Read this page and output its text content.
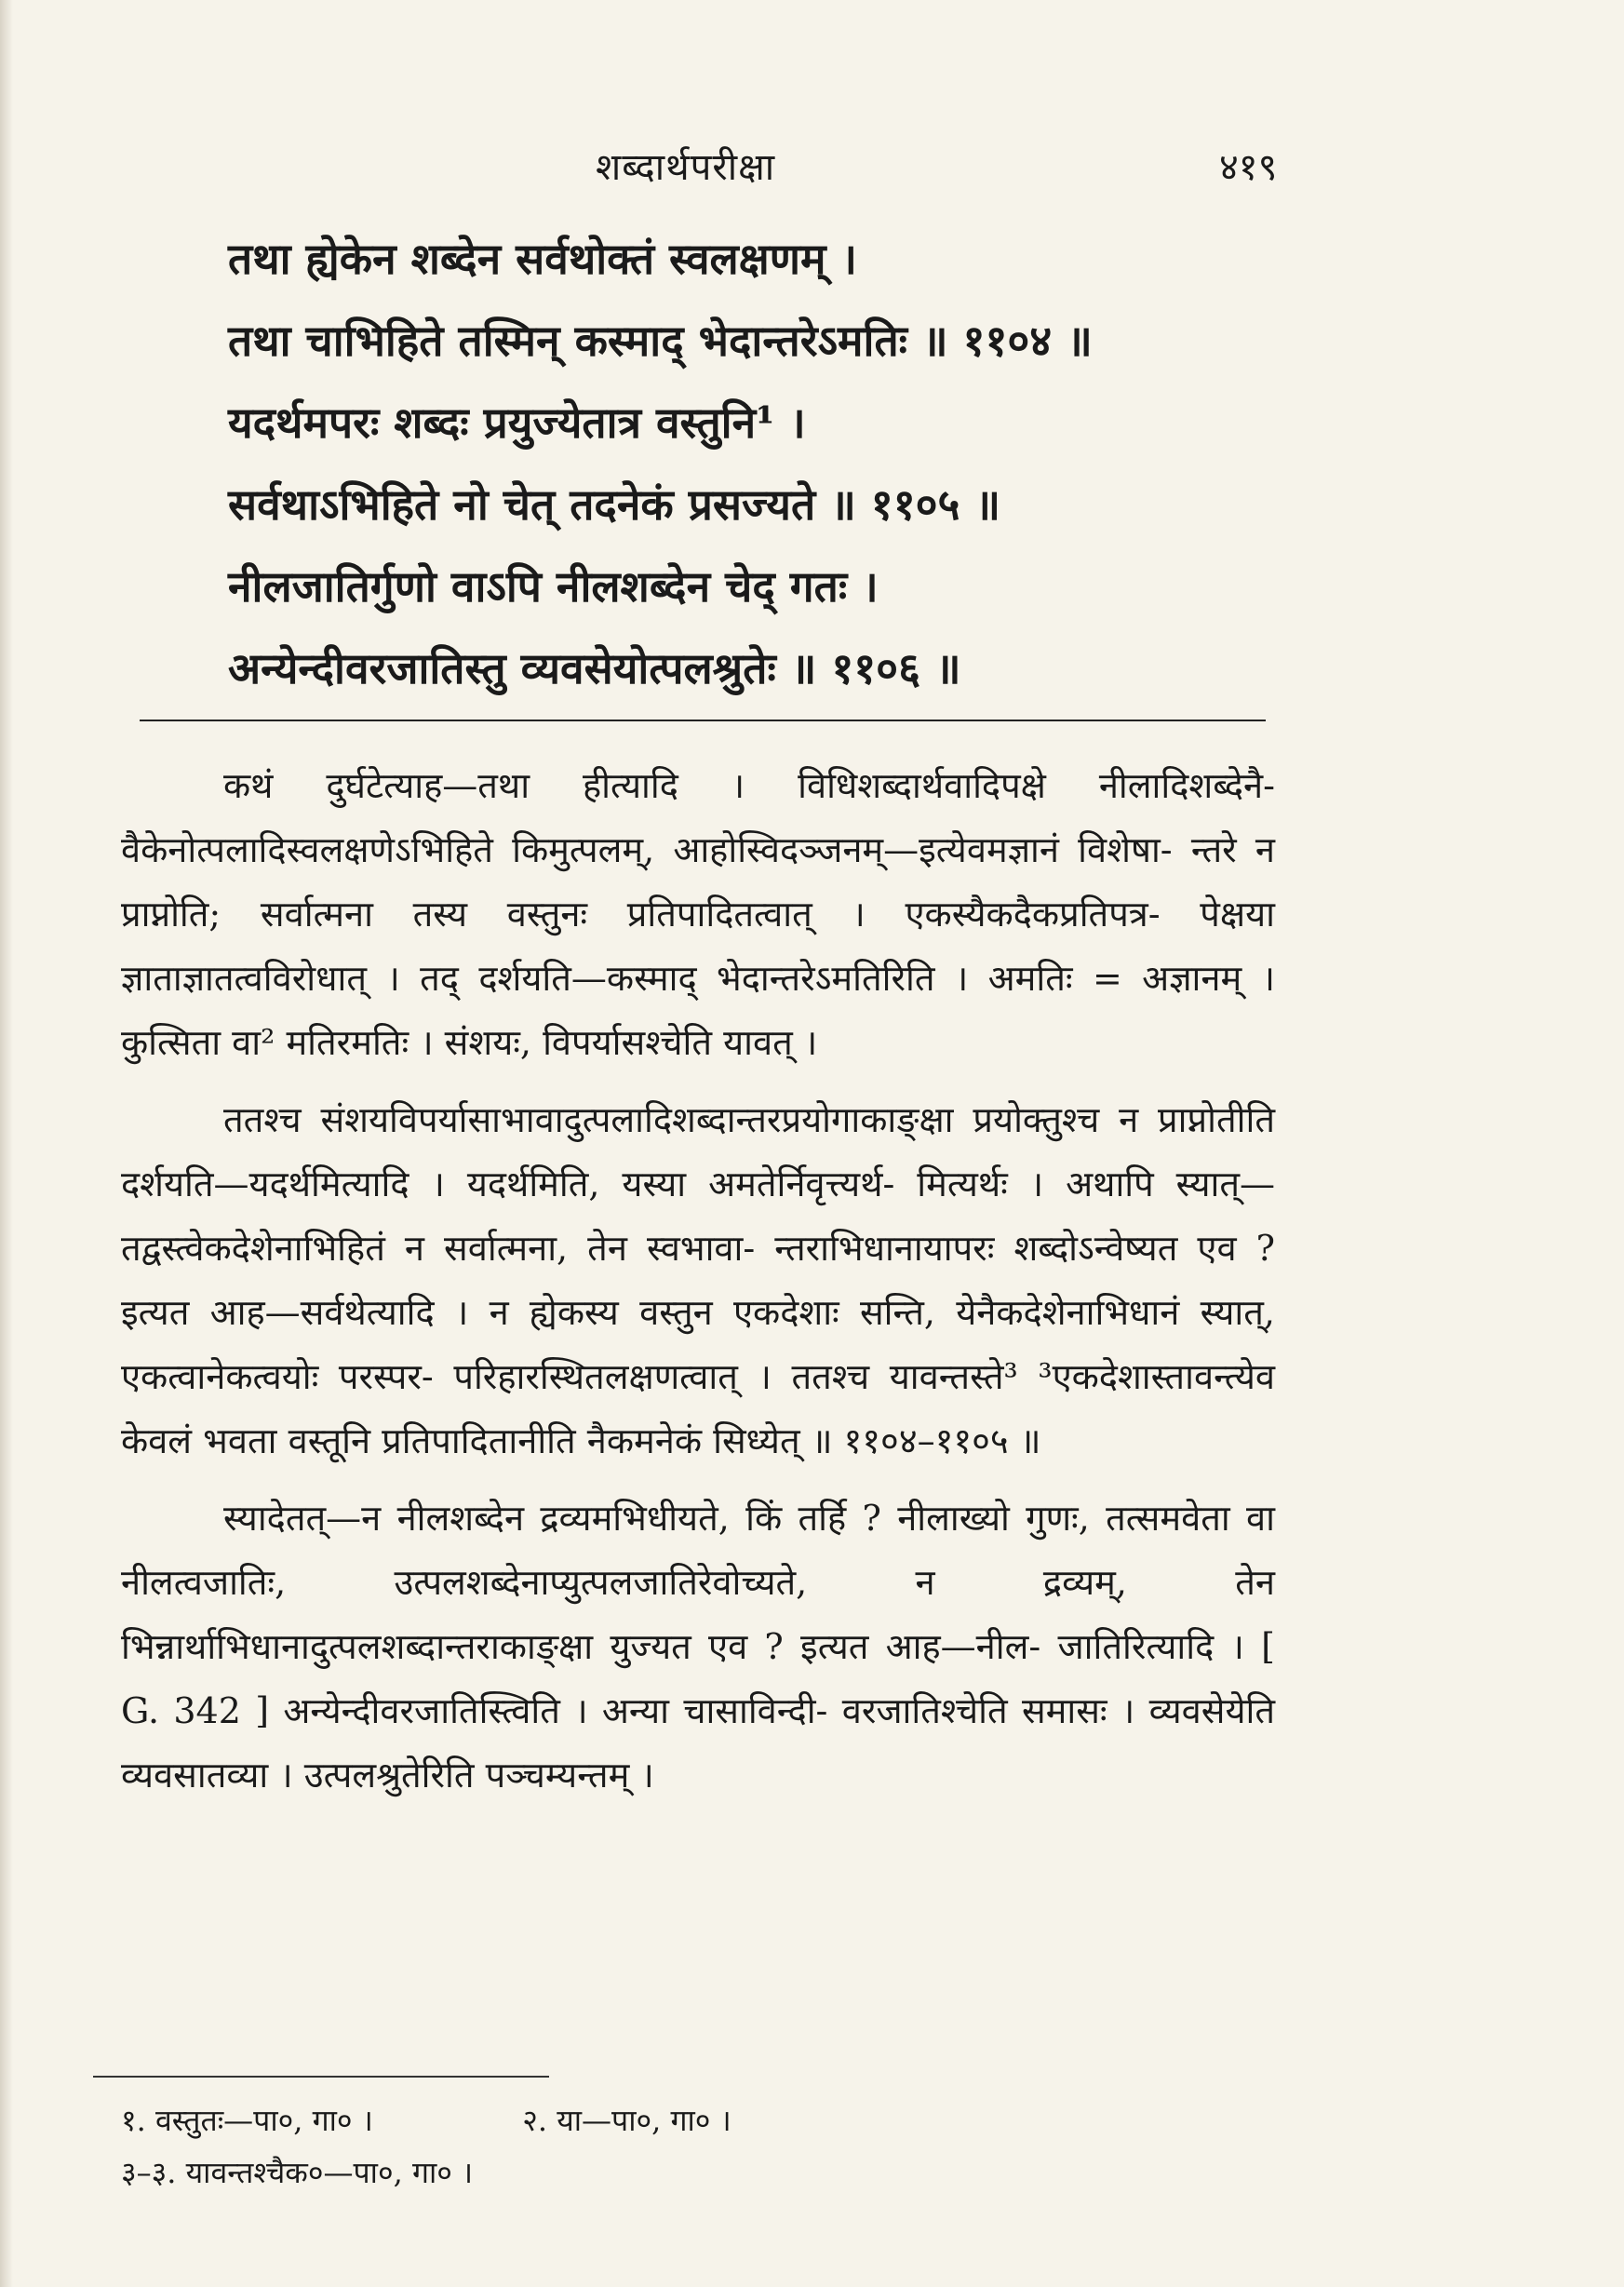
शब्दार्थपरीक्षा	४१९
तथा ह्येकेन शब्देन सर्वथोक्तं स्वलक्षणम् ।
तथा चाभिहिते तस्मिन् कस्माद् भेदान्तरेऽमतिः ॥ ११०४ ॥
यदर्थमपरः शब्दः प्रयुज्येतात्र वस्तुनि¹ ।
सर्वथाऽभिहिते नो चेत् तदनेकं प्रसज्यते ॥ ११०५ ॥
नीलजातिर्गुणो वाऽपि नीलशब्देन चेद् गतः ।
अन्येन्दीवरजातिस्तु व्यवसेयोत्पलश्रुतेः ॥ ११०६ ॥

कथं दुर्घटेत्याह—तथा हीत्यादि । विधिशब्दार्थवादिपक्षे नीलादिशब्देनै- वैकेनोत्पलादिस्वलक्षणेऽभिहिते किमुत्पलम्, आहोस्विदञ्जनम्—इत्येवमज्ञानं विशेषा- न्तरे न प्राप्नोति; सर्वात्मना तस्य वस्तुनः प्रतिपादितत्वात् । एकस्यैकदैकप्रतिपत्र- पेक्षया ज्ञाताज्ञातत्वविरोधात् । तद् दर्शयति—कस्माद् भेदान्तरेऽमतिरिति । अमतिः = अज्ञानम् । कुत्सिता वा² मतिरमतिः । संशयः, विपर्यासश्चेति यावत् ।

ततश्च संशयविपर्यासाभावादुत्पलादिशब्दान्तरप्रयोगाकाङ्क्षा प्रयोक्तुश्च न प्राप्नोतीति दर्शयति—यदर्थमित्यादि । यदर्थमिति, यस्या अमतेर्निवृत्त्यर्थ- मित्यर्थः । अथापि स्यात्—तद्वस्त्वेकदेशेनाभिहितं न सर्वात्मना, तेन स्वभावा- न्तराभिधानायापरः शब्दोऽन्वेष्यत एव ? इत्यत आह—सर्वथेत्यादि । न ह्येकस्य वस्तुन एकदेशाः सन्ति, येनैकदेशेनाभिधानं स्यात्, एकत्वानेकत्वयोः परस्पर- परिहारस्थितलक्षणत्वात् । ततश्च यावन्तस्ते³ ³एकदेशास्तावन्त्येव केवलं भवता वस्तूनि प्रतिपादितानीति नैकमनेकं सिध्येत् ॥ ११०४–११०५ ॥

स्यादेतत्—न नीलशब्देन द्रव्यमभिधीयते, किं तर्हि ? नीलाख्यो गुणः, तत्समवेता वा नीलत्वजातिः, उत्पलशब्देनाप्युत्पलजातिरेवोच्यते, न द्रव्यम्, तेन भिन्नार्थाभिधानादुत्पलशब्दान्तराकाङ्क्षा युज्यत एव ? इत्यत आह—नील- जातिरित्यादि । [ G. 342 ] अन्येन्दीवरजातिस्त्विति । अन्या चासाविन्दी- वरजातिश्चेति समासः । व्यवसेयेति व्यवसातव्या । उत्पलश्रुतेरिति पञ्चम्यन्तम् ।

१. वस्तुतः—पा०, गा० ।	२. या—पा०, गा० ।
३–३. यावन्तश्चैक०—पा०, गा० ।
